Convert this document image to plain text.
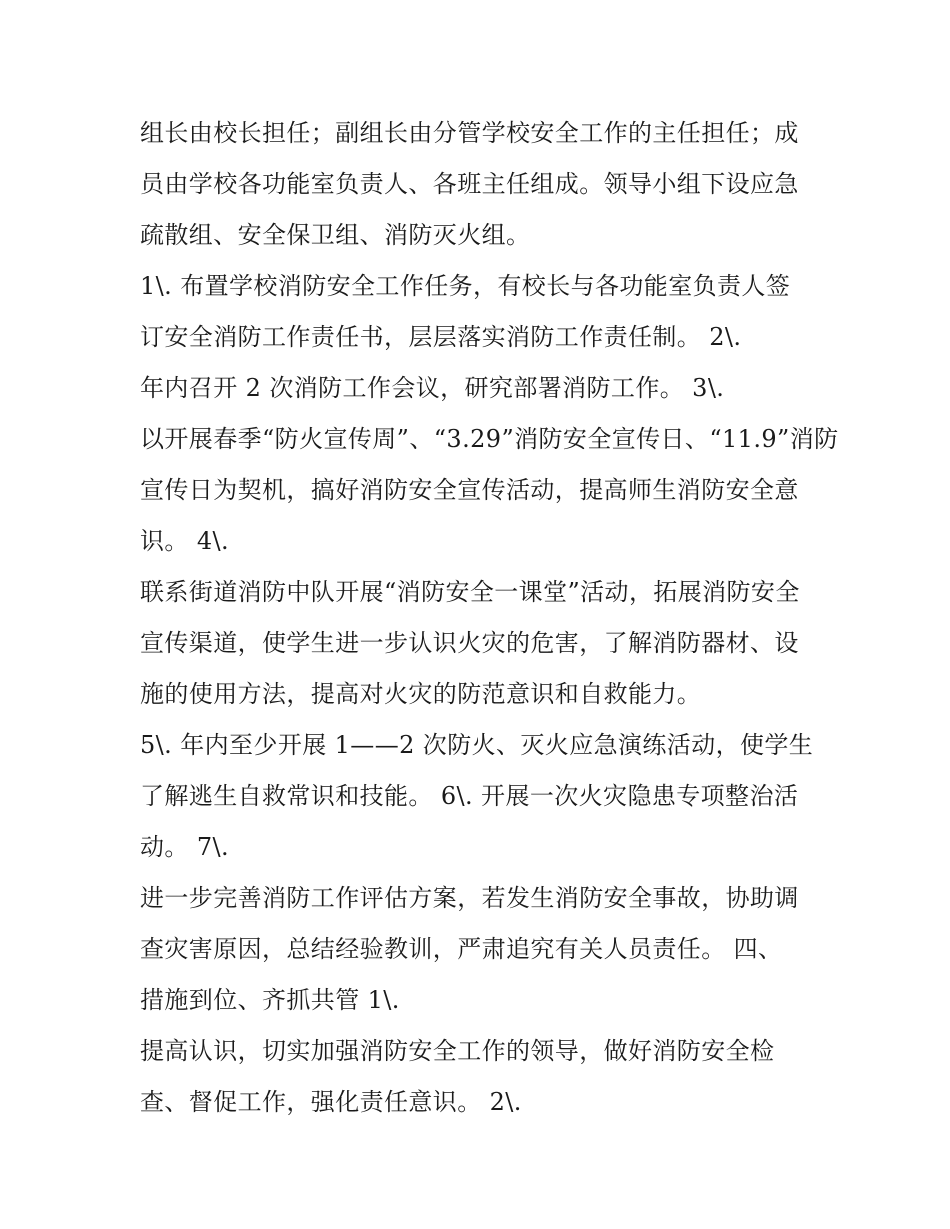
组长由校长担任；副组长由分管学校安全工作的主任担任；成
员由学校各功能室负责人、各班主任组成。领导小组下设应急
疏散组、安全保卫组、消防灭火组。
1\. 布置学校消防安全工作任务，有校长与各功能室负责人签
订安全消防工作责任书，层层落实消防工作责任制。 2\.
年内召开 2 次消防工作会议，研究部署消防工作。 3\.
以开展春季“防火宣传周”、“3.29”消防安全宣传日、“11.9”消防
宣传日为契机，搞好消防安全宣传活动，提高师生消防安全意
识。 4\.
联系街道消防中队开展“消防安全一课堂”活动，拓展消防安全
宣传渠道，使学生进一步认识火灾的危害，了解消防器材、设
施的使用方法，提高对火灾的防范意识和自救能力。
5\. 年内至少开展 1——2 次防火、灭火应急演练活动，使学生
了解逃生自救常识和技能。 6\. 开展一次火灾隐患专项整治活
动。 7\.
进一步完善消防工作评估方案，若发生消防安全事故，协助调
查灾害原因，总结经验教训，严肃追究有关人员责任。 四、
措施到位、齐抓共管 1\.
提高认识，切实加强消防安全工作的领导，做好消防安全检
查、督促工作，强化责任意识。 2\.
